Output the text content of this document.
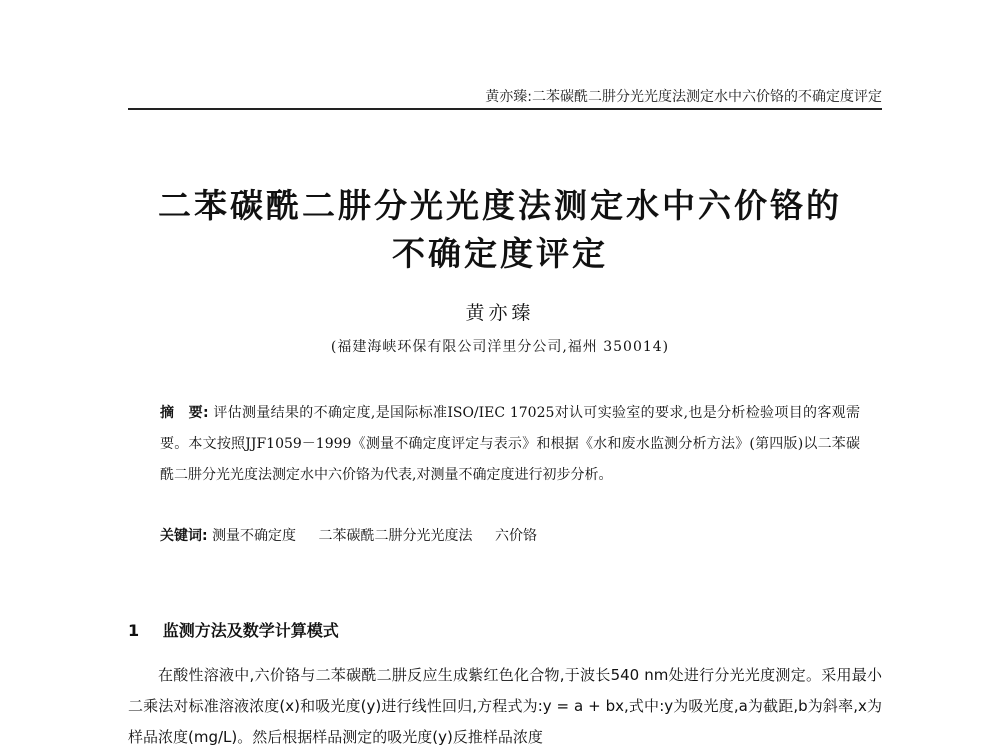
黄亦臻:二苯碳酰二肼分光光度法测定水中六价铬的不确定度评定
二苯碳酰二肼分光光度法测定水中六价铬的
不确定度评定
黄亦臻
(福建海峡环保有限公司洋里分公司,福州 350014)
摘　要: 评估测量结果的不确定度,是国际标准ISO/IEC 17025对认可实验室的要求,也是分析检验项目的客观需要。本文按照JJF1059－1999《测量不确定度评定与表示》和根据《水和废水监测分析方法》(第四版)以二苯碳酰二肼分光光度法测定水中六价铬为代表,对测量不确定度进行初步分析。
关键词: 测量不确定度 二苯碳酰二肼分光光度法 六价铬
1 监测方法及数学计算模式
在酸性溶液中,六价铬与二苯碳酰二肼反应生成紫红色化合物,于波长540 nm处进行分光光度测定。采用最小二乘法对标准溶液浓度(x)和吸光度(y)进行线性回归,方程式为:y = a + bx,式中:y为吸光度,a为截距,b为斜率,x为样品浓度(mg/L)。然后根据样品测定的吸光度(y)反推样品浓度
